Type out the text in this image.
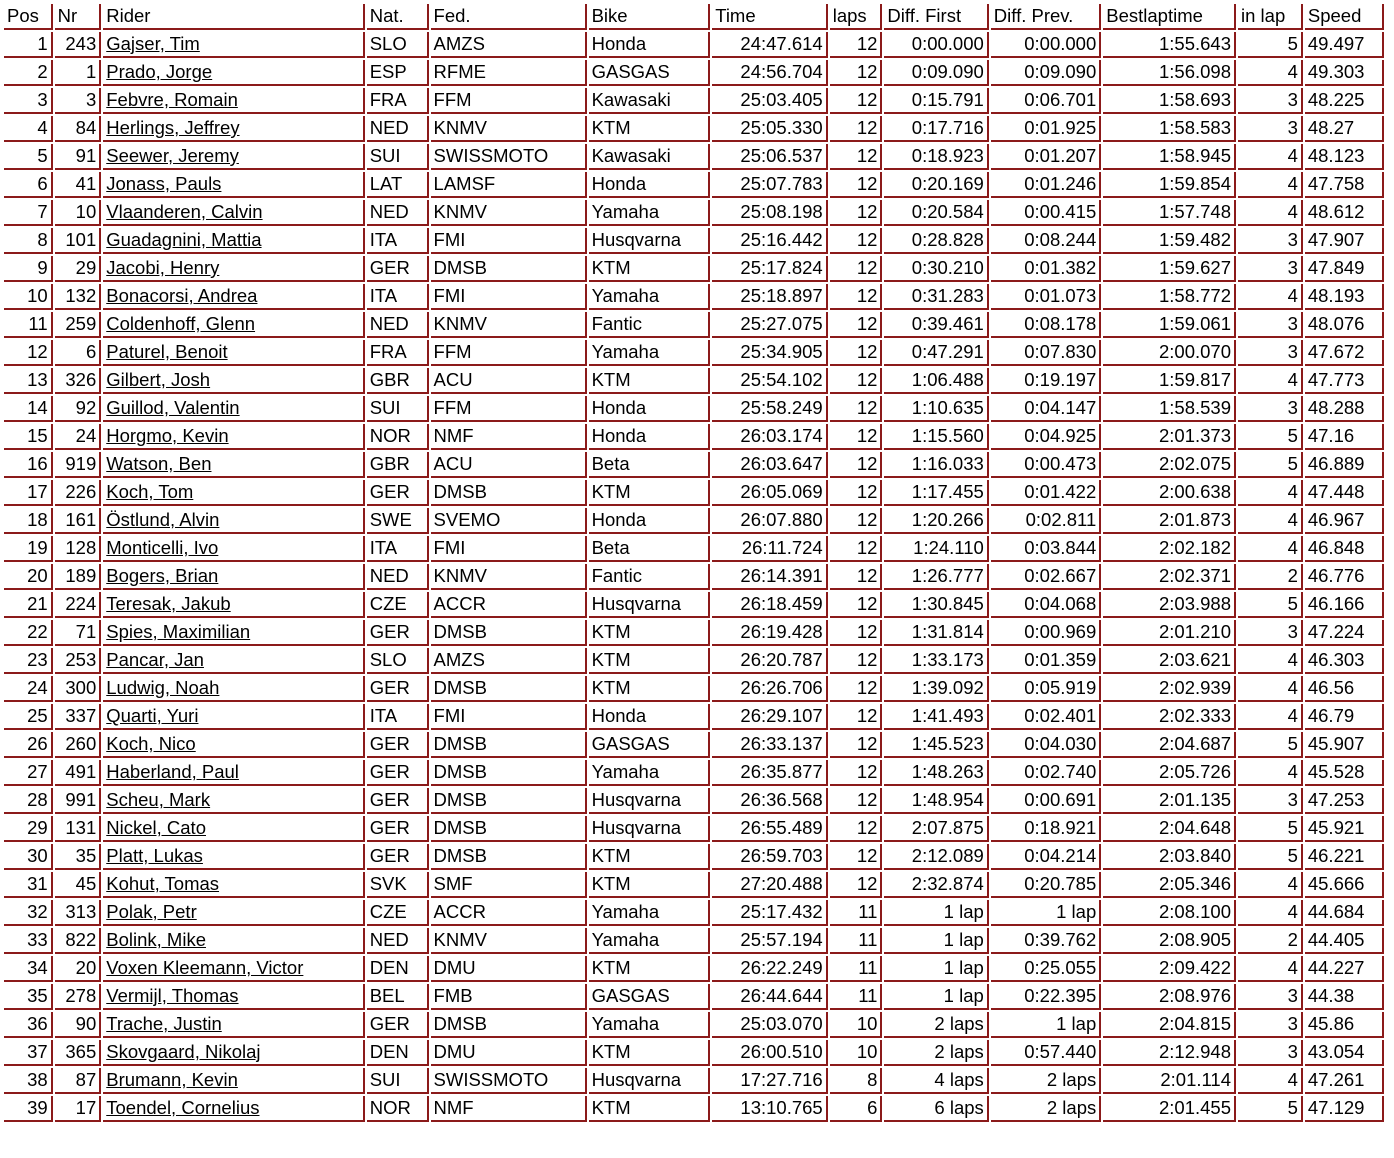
Pos	Nr	Rider	Nat.	Fed.	Bike	Time	laps	Diff. First	Diff. Prev.	Bestlaptime	in lap	Speed
1	243	Gajser, Tim	SLO	AMZS	Honda	24:47.614	12	0:00.000	0:00.000	1:55.643	5	49.497
2	1	Prado, Jorge	ESP	RFME	GASGAS	24:56.704	12	0:09.090	0:09.090	1:56.098	4	49.303
3	3	Febvre, Romain	FRA	FFM	Kawasaki	25:03.405	12	0:15.791	0:06.701	1:58.693	3	48.225
4	84	Herlings, Jeffrey	NED	KNMV	KTM	25:05.330	12	0:17.716	0:01.925	1:58.583	3	48.27
5	91	Seewer, Jeremy	SUI	SWISSMOTO	Kawasaki	25:06.537	12	0:18.923	0:01.207	1:58.945	4	48.123
6	41	Jonass, Pauls	LAT	LAMSF	Honda	25:07.783	12	0:20.169	0:01.246	1:59.854	4	47.758
7	10	Vlaanderen, Calvin	NED	KNMV	Yamaha	25:08.198	12	0:20.584	0:00.415	1:57.748	4	48.612
8	101	Guadagnini, Mattia	ITA	FMI	Husqvarna	25:16.442	12	0:28.828	0:08.244	1:59.482	3	47.907
9	29	Jacobi, Henry	GER	DMSB	KTM	25:17.824	12	0:30.210	0:01.382	1:59.627	3	47.849
10	132	Bonacorsi, Andrea	ITA	FMI	Yamaha	25:18.897	12	0:31.283	0:01.073	1:58.772	4	48.193
11	259	Coldenhoff, Glenn	NED	KNMV	Fantic	25:27.075	12	0:39.461	0:08.178	1:59.061	3	48.076
12	6	Paturel, Benoit	FRA	FFM	Yamaha	25:34.905	12	0:47.291	0:07.830	2:00.070	3	47.672
13	326	Gilbert, Josh	GBR	ACU	KTM	25:54.102	12	1:06.488	0:19.197	1:59.817	4	47.773
14	92	Guillod, Valentin	SUI	FFM	Honda	25:58.249	12	1:10.635	0:04.147	1:58.539	3	48.288
15	24	Horgmo, Kevin	NOR	NMF	Honda	26:03.174	12	1:15.560	0:04.925	2:01.373	5	47.16
16	919	Watson, Ben	GBR	ACU	Beta	26:03.647	12	1:16.033	0:00.473	2:02.075	5	46.889
17	226	Koch, Tom	GER	DMSB	KTM	26:05.069	12	1:17.455	0:01.422	2:00.638	4	47.448
18	161	Östlund, Alvin	SWE	SVEMO	Honda	26:07.880	12	1:20.266	0:02.811	2:01.873	4	46.967
19	128	Monticelli, Ivo	ITA	FMI	Beta	26:11.724	12	1:24.110	0:03.844	2:02.182	4	46.848
20	189	Bogers, Brian	NED	KNMV	Fantic	26:14.391	12	1:26.777	0:02.667	2:02.371	2	46.776
21	224	Teresak, Jakub	CZE	ACCR	Husqvarna	26:18.459	12	1:30.845	0:04.068	2:03.988	5	46.166
22	71	Spies, Maximilian	GER	DMSB	KTM	26:19.428	12	1:31.814	0:00.969	2:01.210	3	47.224
23	253	Pancar, Jan	SLO	AMZS	KTM	26:20.787	12	1:33.173	0:01.359	2:03.621	4	46.303
24	300	Ludwig, Noah	GER	DMSB	KTM	26:26.706	12	1:39.092	0:05.919	2:02.939	4	46.56
25	337	Quarti, Yuri	ITA	FMI	Honda	26:29.107	12	1:41.493	0:02.401	2:02.333	4	46.79
26	260	Koch, Nico	GER	DMSB	GASGAS	26:33.137	12	1:45.523	0:04.030	2:04.687	5	45.907
27	491	Haberland, Paul	GER	DMSB	Yamaha	26:35.877	12	1:48.263	0:02.740	2:05.726	4	45.528
28	991	Scheu, Mark	GER	DMSB	Husqvarna	26:36.568	12	1:48.954	0:00.691	2:01.135	3	47.253
29	131	Nickel, Cato	GER	DMSB	Husqvarna	26:55.489	12	2:07.875	0:18.921	2:04.648	5	45.921
30	35	Platt, Lukas	GER	DMSB	KTM	26:59.703	12	2:12.089	0:04.214	2:03.840	5	46.221
31	45	Kohut, Tomas	SVK	SMF	KTM	27:20.488	12	2:32.874	0:20.785	2:05.346	4	45.666
32	313	Polak, Petr	CZE	ACCR	Yamaha	25:17.432	11	1 lap	1 lap	2:08.100	4	44.684
33	822	Bolink, Mike	NED	KNMV	Yamaha	25:57.194	11	1 lap	0:39.762	2:08.905	2	44.405
34	20	Voxen Kleemann, Victor	DEN	DMU	KTM	26:22.249	11	1 lap	0:25.055	2:09.422	4	44.227
35	278	Vermijl, Thomas	BEL	FMB	GASGAS	26:44.644	11	1 lap	0:22.395	2:08.976	3	44.38
36	90	Trache, Justin	GER	DMSB	Yamaha	25:03.070	10	2 laps	1 lap	2:04.815	3	45.86
37	365	Skovgaard, Nikolaj	DEN	DMU	KTM	26:00.510	10	2 laps	0:57.440	2:12.948	3	43.054
38	87	Brumann, Kevin	SUI	SWISSMOTO	Husqvarna	17:27.716	8	4 laps	2 laps	2:01.114	4	47.261
39	17	Toendel, Cornelius	NOR	NMF	KTM	13:10.765	6	6 laps	2 laps	2:01.455	5	47.129
